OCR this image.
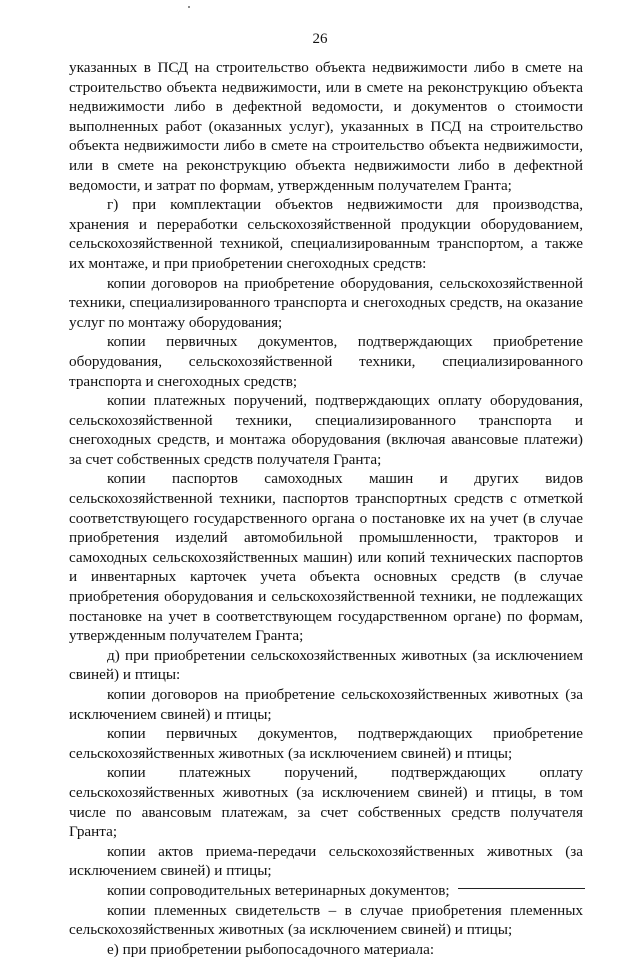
26

указанных в ПСД на строительство объекта недвижимости либо в смете на строительство объекта недвижимости, или в смете на реконструкцию объекта недвижимости либо в дефектной ведомости, и документов о стоимости выполненных работ (оказанных услуг), указанных в ПСД на строительство объекта недвижимости либо в смете на строительство объекта недвижимости, или в смете на реконструкцию объекта недвижимости либо в дефектной ведомости, и затрат по формам, утвержденным получателем Гранта;

г) при комплектации объектов недвижимости для производства, хранения и переработки сельскохозяйственной продукции оборудованием, сельскохозяйственной техникой, специализированным транспортом, а также их монтаже, и при приобретении снегоходных средств:

копии договоров на приобретение оборудования, сельскохозяйственной техники, специализированного транспорта и снегоходных средств, на оказание услуг по монтажу оборудования;

копии первичных документов, подтверждающих приобретение оборудования, сельскохозяйственной техники, специализированного транспорта и снегоходных средств;

копии платежных поручений, подтверждающих оплату оборудования, сельскохозяйственной техники, специализированного транспорта и снегоходных средств, и монтажа оборудования (включая авансовые платежи) за счет собственных средств получателя Гранта;

копии паспортов самоходных машин и других видов сельскохозяйственной техники, паспортов транспортных средств с отметкой соответствующего государственного органа о постановке их на учет (в случае приобретения изделий автомобильной промышленности, тракторов и самоходных сельскохозяйственных машин) или копий технических паспортов и инвентарных карточек учета объекта основных средств (в случае приобретения оборудования и сельскохозяйственной техники, не подлежащих постановке на учет в соответствующем государственном органе) по формам, утвержденным получателем Гранта;

д) при приобретении сельскохозяйственных животных (за исключением свиней) и птицы:

копии договоров на приобретение сельскохозяйственных животных (за исключением свиней) и птицы;

копии первичных документов, подтверждающих приобретение сельскохозяйственных животных (за исключением свиней) и птицы;

копии платежных поручений, подтверждающих оплату сельскохозяйственных животных (за исключением свиней) и птицы, в том числе по авансовым платежам, за счет собственных средств получателя Гранта;

копии актов приема-передачи сельскохозяйственных животных (за исключением свиней) и птицы;

копии сопроводительных ветеринарных документов;

копии племенных свидетельств – в случае приобретения племенных сельскохозяйственных животных (за исключением свиней) и птицы;

е) при приобретении рыбопосадочного материала:
